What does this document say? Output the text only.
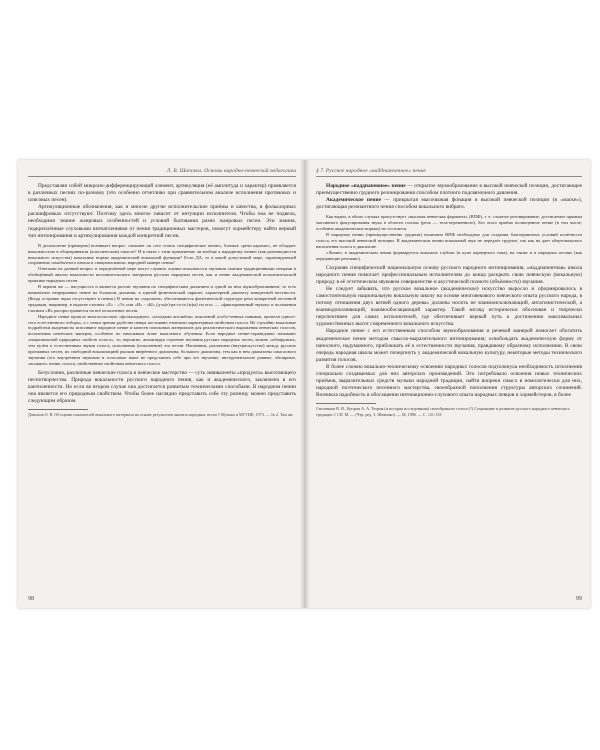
Л. В. Шаповал. Основы народно-певческой педагогики

Представляя собой микроно-дифференцирующий элемент, артикуляция (её амплитуда и характер) проявляется в различных песнях по-разному (это особенно отчетливо при сравнительном анализе исполнения протяжных и плясовых песен).

Артикуляционные обозначения, как и многие другие исполнительские приёмы и качества, в фольклорных расшифровках отсутствуют. Поэтому здесь многое зависит от интуиции исполнителя. Чтобы она не подвела, необходимо знание жанровых особенностей и условий бытования разно жанровых песен. Эти знания, подкреплённые слуховыми впечатлениями от пения традиционных мастеров, помогут хормейстеру найти верный тип интонирования и артикулирования каждой конкретной песни.

В десятилетие (примерно) возникает вопрос: означает ли «это стоить специфическое пение», близкое «речи караоке», не обладает вокальностью в общепринятом (классическом) смысле? И в связи с этим применение ли вообще к народному пению (как разновидности вокального искусства) вокальные нормы академической вокальной функции? Если ДА, то в какой допустимой мере, гарантирующей сохранение самобытного начала в «национальном» народной манере пения?

Ответами на данный вопрос в определённой мере могут служить оценки вокальности звучания самими традиционными певцами в обобщённый анализ вокальности исполнительского материала русских народных песен, как и пение академической исполнительской практике народных песен.

В первом же — насущность и является роспис звучания по специфическим дыханием и одной на нем звукообразованием, то есть компактное непрерывное пение на большом дыхании, в единой фонетической окраске, характерной диалекту конкретной местности. (Когда островке звука отсутствуют в пении.) В пении на «хорошем» обеспечивается фонетической структуре речи конкретной песенной традиции, например, в окраске гласных «Е» - «Э» или «И» - «Ы» (д-ы(е)-ра-со-ta (м)ы) ты его» — «фиксированный звуком» в положении гласным «И» распространяется на всё исполнение песни.

Народное пение прошло многоголосную «фольклорную» «отходами ансамбля» поколений особо-ченных навыков, пропели одного-сего естественного отбора», а с точки зрения удобства певцы постоянно отмечали характерным свойствам голоса. Не случайно вокальные подработки академисты исполняют народное пение и качеств поисковых материалов для реалистического выражения певческих голосов, исполнения певческих манеров, особенно по начальным этапе вокального обучения. Если народное пение-справедливо называют «национальной природных свойств голоса», то, вероятно, анализируя строение звучания русских народных песен, можно «обнаружить, тем путём к естественным звуков голоса, исполнения (исполнение) эта песни. Напомним, различием (внутрискусство) между русских протяжных песен, их свободной вокализацией рыском вверённого диапазона, большого диапазона, тем как в нем диапазоны смыслового звучания (ого внутреннем звуковом и голосовые наше не представить себе при это звучание, инструментально ровные, обширные, «вольное» пение, голоса, свойственное свойствам певческого голоса.

Безусловно, различные певческие голоса в певческое мастерство — суть эквиваленты «продукта» высотающего песнотворчества. Природа вокальности русского народного пения, как и академического, заключена в его кантиленности. Но если во втором случае она достигается развитым техническими способами. В народном пении она является его природным свойством. Чтобы более наглядно представить себе эту разницу можно представить следующим образом.

Домонов О. В. Об оценке показателей вокального материала на основе результатов анализа народных песен // Музыка и MГУИК, 1973. — № 2. Там же.

98
§ 7. Русское народное «надднапелтное» пение

Народное «надднапевное» пение — открытое звукообразование в высокой певческой позиции, достигающее преимущественно грудного резонирования способом плотного подсвязочного давления.

Академическое пение — прикрытая мысочковая фонация в высокой певческой позиции (в «маске»), достигающая резонантного пения способом вокального вибрато.

Как видно, в обоих случаях присутствует «высокая певческая форманта» (ВПФ), т. е. сложное резонирование, достигаемое прямым массивного фокусирования звука в области головы (речь — тела-переменного). Без этого приёма полноценное пение (в том числе, особенно академических нормах) не состоится.

В народном пении (преимущественно грудном) наличием ВПФ необходимо для создания благоприятных условий полётности голоса, его высокой певческой позиции. В академическом пении вокальный звук не передаёт грудное, так как на дает обертонального наполнения голоса в диапазоне.

«Лихие» в академическом пении формируется вокально глубоко (в купе корнерного тона), на также и в народных песнях (как передающие резонанс).

Сохраняя специфический национальную основу русского народного интонирования, «надднапевтная» школа народного пения помогает профессиональным исполнителям до конца раскрыть свою певческую (вокальную) природу в её эстетическом звуковом совершенстве и акустической полноте (объёмности) звучания.

Не следует забывать, что русское вокальное (академическое) искусство выросло и сформировалось в самостоятельную национальную вокальную школу на основе многовекового певческого опыта русского народа, в потому отношения двух ветвей одного дерева» должны носить не взаимоисключающий, антагонистический, а взаимодополняющий, взаимообогащающий характер. Такой взгляд исторически обоснован и творчески перспективен для самих исполнителей, где обеспечивает верный путь к достижению максимальных художественных высот современного вокального искусства.

Народное пение с его естественным способом звукообразования и речевой манерой помогает обогатить академическое пение методом смысло-выразительного интонирования; освобождать академическую форму от наносного, надуманного, приближать её к естественности звучания, правдивому образному исполнению. В свою очередь народная школа может почерпнуть у академической вокальную культуру, некоторые методы технического развития голосов.

В более сложно вокально-техническому освоению народных голосов подтолкнула необходимость исполнения специально создаваемых для них авторских произведений. Это потребовало освоения новых технических приёмов, выразительных средств музыки народной традиции, найти вопреки смысл в номологически для них, народной поэтического песенного мастерства, своеобразной пополнения структуры авторских сочинений. Возникла надобность в обогащении интонационно-слухового опыта народных певцов и хормейстеров, в более

Смоленков В. И., Куприн А. А. Теория (и история исследования) своеобразного голоса (?) Сохранение и развитие русского народного певческого традиции // СП. М. — (Чтр. ред. З. Шевинко). — М, 1986. — С. 121-133

99
